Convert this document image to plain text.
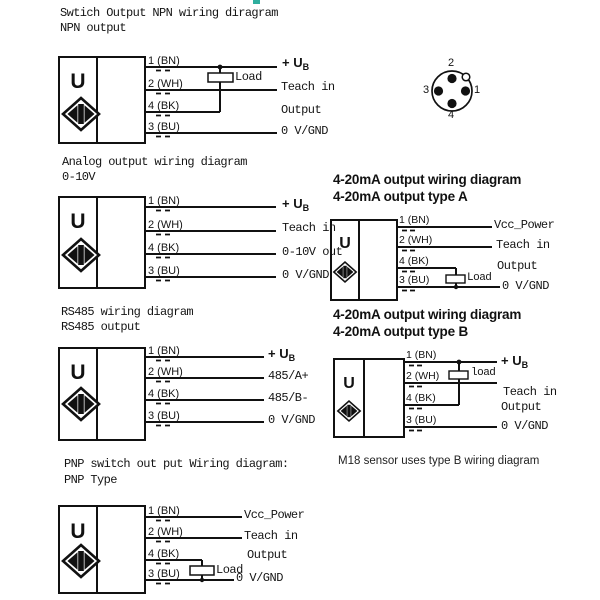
Swtich Output NPN wiring diragram
NPN output
U
1 (BN)
2 (WH)
4 (BK)
3 (BU)
Load
+ $U_B$
Teach in
Output
0 V/GND
2
1
3
4
Analog output wiring diagram
0-10V
U
1 (BN)
2 (WH)
4 (BK)
3 (BU)
+ $U_B$
Teach in
0-10V out
0 V/GND
RS485 wiring diagram
RS485 output
U
1 (BN)
2 (WH)
4 (BK)
3 (BU)
+ $U_B$
485/A+
485/B-
0 V/GND
PNP switch out put Wiring diagram:
PNP Type
U
1 (BN)
2 (WH)
4 (BK)
3 (BU)	Load
Vcc_Power
Teach in
Output
0 V/GND
4-20mA output wiring diagram
4-20mA output type A
U
1 (BN)
2 (WH)
4 (BK)
3 (BU)	Load
Vcc_Power
Teach in
Output
0 V/GND
4-20mA output wiring diagram
4-20mA output type B
U
1 (BN)
2 (WH)
4 (BK)
3 (BU)
load
+ $U_B$
Teach in
Output
0 V/GND
M18 sensor uses type B wiring diagram
